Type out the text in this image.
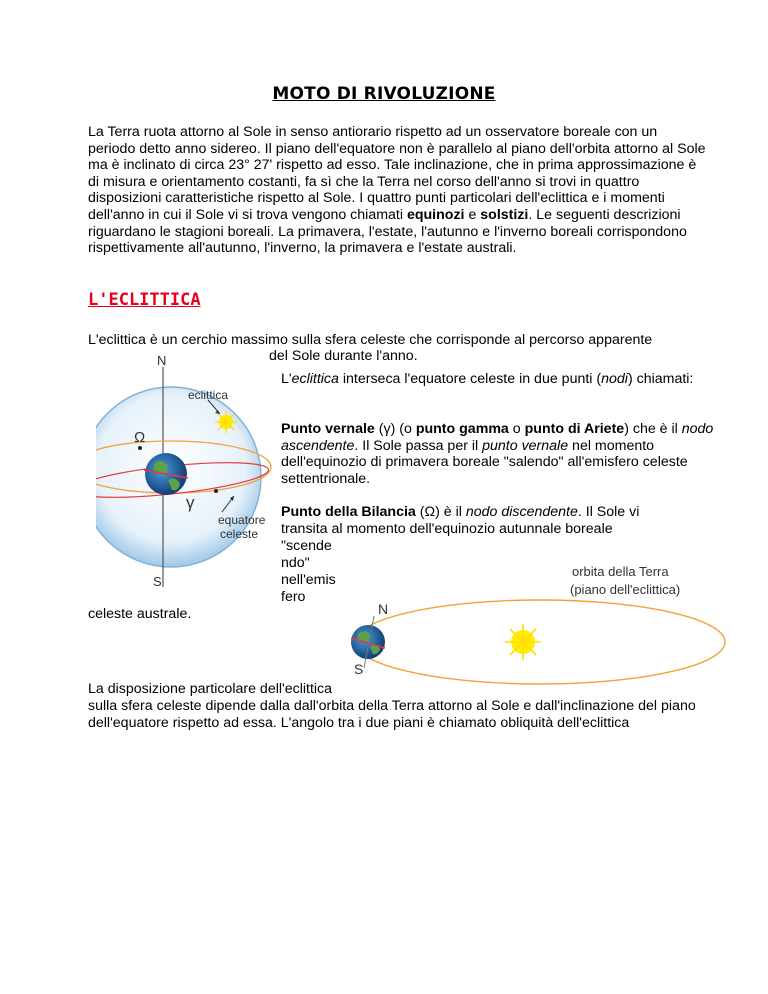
MOTO DI RIVOLUZIONE
La Terra ruota attorno al Sole in senso antiorario rispetto ad un osservatore boreale con un periodo detto anno sidereo. Il piano dell'equatore non è parallelo al piano dell'orbita attorno al Sole ma è inclinato di circa 23° 27' rispetto ad esso. Tale inclinazione, che in prima approssimazione è di misura e orientamento costanti, fa sì che la Terra nel corso dell'anno si trovi in quattro disposizioni caratteristiche rispetto al Sole. I quattro punti particolari dell'eclittica e i momenti dell'anno in cui il Sole vi si trova vengono chiamati equinozi e solstizi. Le seguenti descrizioni riguardano le stagioni boreali. La primavera, l'estate, l'autunno e l'inverno boreali corrispondono rispettivamente all'autunno, l'inverno, la primavera e l'estate australi.
L'ECLITTICA
L'eclittica è un cerchio massimo sulla sfera celeste che corrisponde al percorso apparente
del Sole durante l'anno.
N
S
eclittica
Ω
γ
equatore
celeste
L'eclittica interseca l'equatore celeste in due punti (nodi) chiamati:
Punto vernale (γ) (o punto gamma o punto di Ariete) che è il nodo ascendente. Il Sole passa per il punto vernale nel momento dell'equinozio di primavera boreale "salendo" all'emisfero celeste settentrionale.
Punto della Bilancia (Ω) è il nodo discendente. Il Sole vi
transita al momento dell'equinozio autunnale boreale
"scende
ndo"
nell'emis
fero
celeste australe.	N
S
orbita della Terra
(piano dell'eclittica)
La disposizione particolare dell'eclittica
sulla sfera celeste dipende dalla dall'orbita della Terra attorno al Sole e dall'inclinazione del piano dell'equatore rispetto ad essa. L'angolo tra i due piani è chiamato obliquità dell'eclittica
